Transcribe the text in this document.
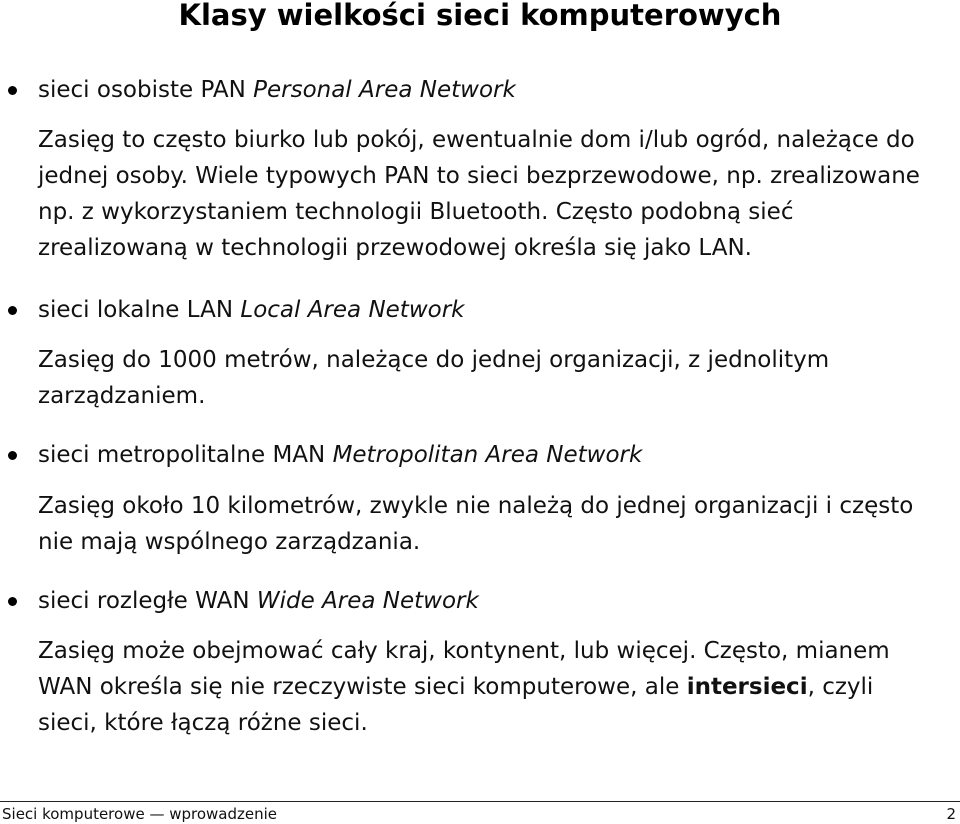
Klasy wielkości sieci komputerowych
sieci osobiste PAN Personal Area Network
Zasięg to często biurko lub pokój, ewentualnie dom i/lub ogród, należące do
jednej osoby. Wiele typowych PAN to sieci bezprzewodowe, np. zrealizowane
np. z wykorzystaniem technologii Bluetooth. Często podobną sieć
zrealizowaną w technologii przewodowej określa się jako LAN.
sieci lokalne LAN Local Area Network
Zasięg do 1000 metrów, należące do jednej organizacji, z jednolitym
zarządzaniem.
sieci metropolitalne MAN Metropolitan Area Network
Zasięg około 10 kilometrów, zwykle nie należą do jednej organizacji i często
nie mają wspólnego zarządzania.
sieci rozległe WAN Wide Area Network
Zasięg może obejmować cały kraj, kontynent, lub więcej. Często, mianem
WAN określa się nie rzeczywiste sieci komputerowe, ale intersieci, czyli
sieci, które łączą różne sieci.
Sieci komputerowe — wprowadzenie	2
